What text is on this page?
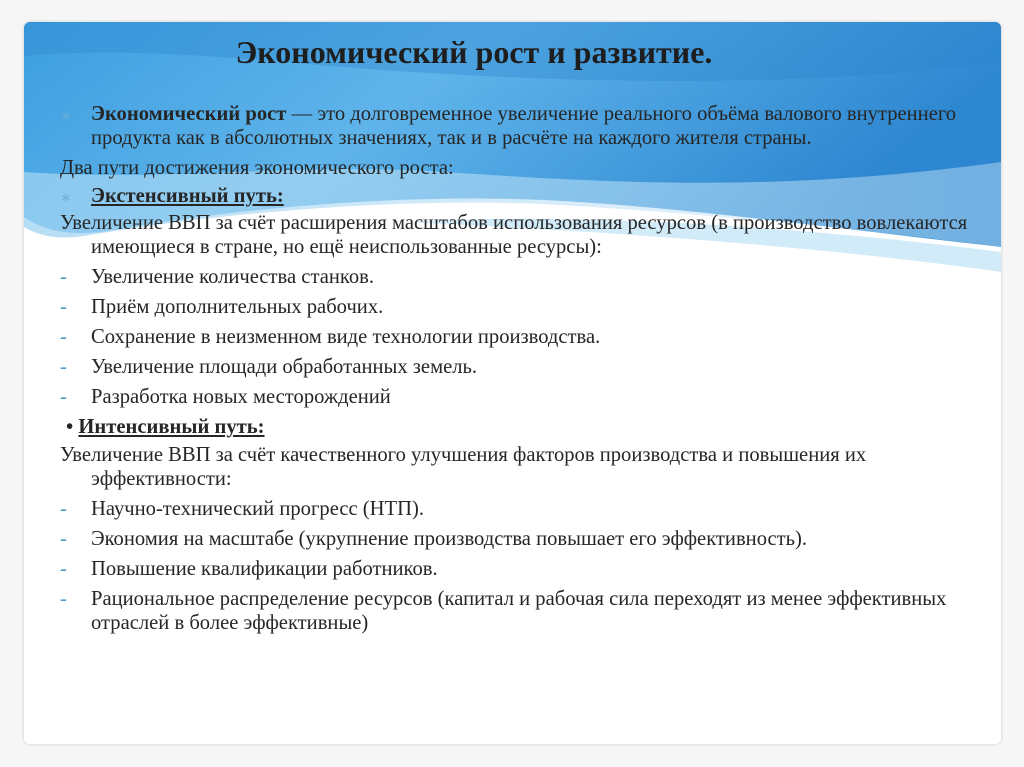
Экономический рост и развитие.

∗ Экономический рост — это долговременное увеличение реального объёма валового внутреннего продукта как в абсолютных значениях, так и в расчёте на каждого жителя страны.

Два пути достижения экономического роста:

∗ Экстенсивный путь:

Увеличение ВВП за счёт расширения масштабов использования ресурсов (в производство вовлекаются имеющиеся в стране, но ещё неиспользованные ресурсы):

-	Увеличение количества станков.

-	Приём дополнительных рабочих.

-	Сохранение в неизменном виде технологии производства.

-	Увеличение площади обработанных земель.

-	Разработка новых месторождений

• Интенсивный путь:

Увеличение ВВП за счёт качественного улучшения факторов производства и повышения их эффективности:

-	Научно-технический прогресс (НТП).

-	Экономия на масштабе (укрупнение производства повышает его эффективность).

-	Повышение квалификации работников.

-	Рациональное распределение ресурсов (капитал и рабочая сила переходят из менее эффективных отраслей в более эффективные)
